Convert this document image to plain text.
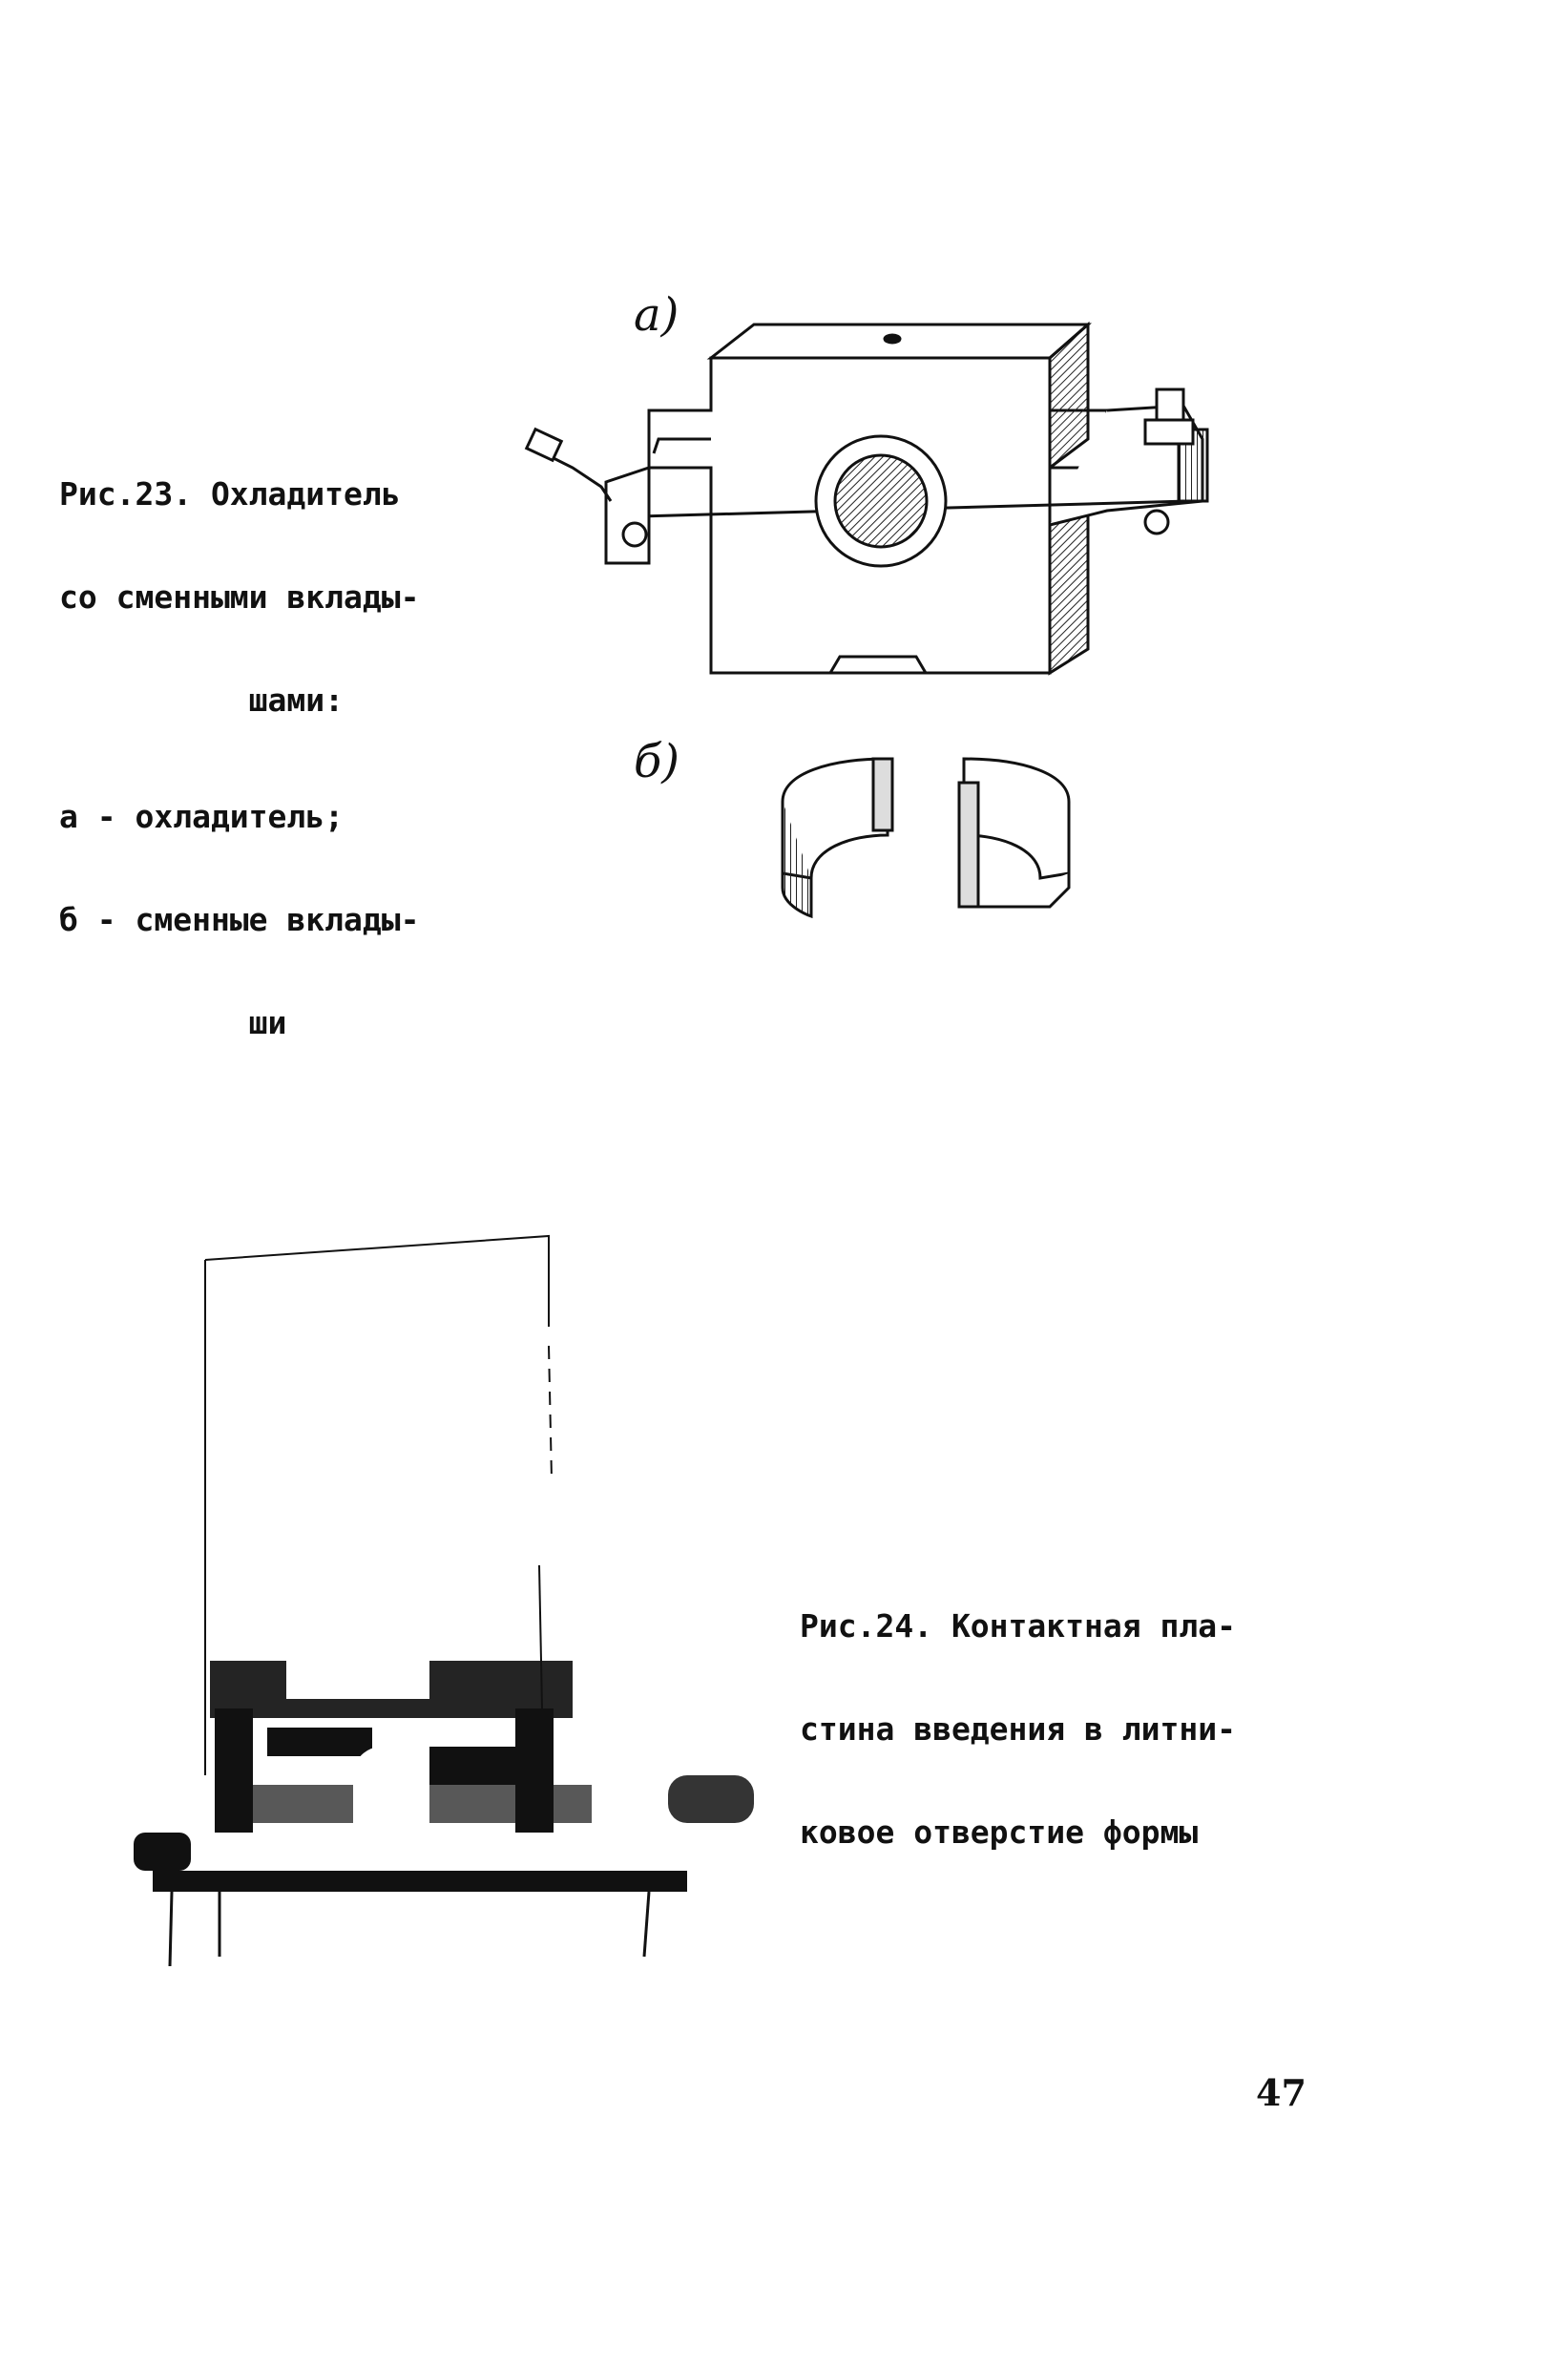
Рис.23. Охладитель

со сменными вклады-

шами:

а - охладитель;

б - сменные вклады-

ши

а)
б)

Рис.24. Контактная пла-

стина введения в литни-

ковое отверстие формы

47
